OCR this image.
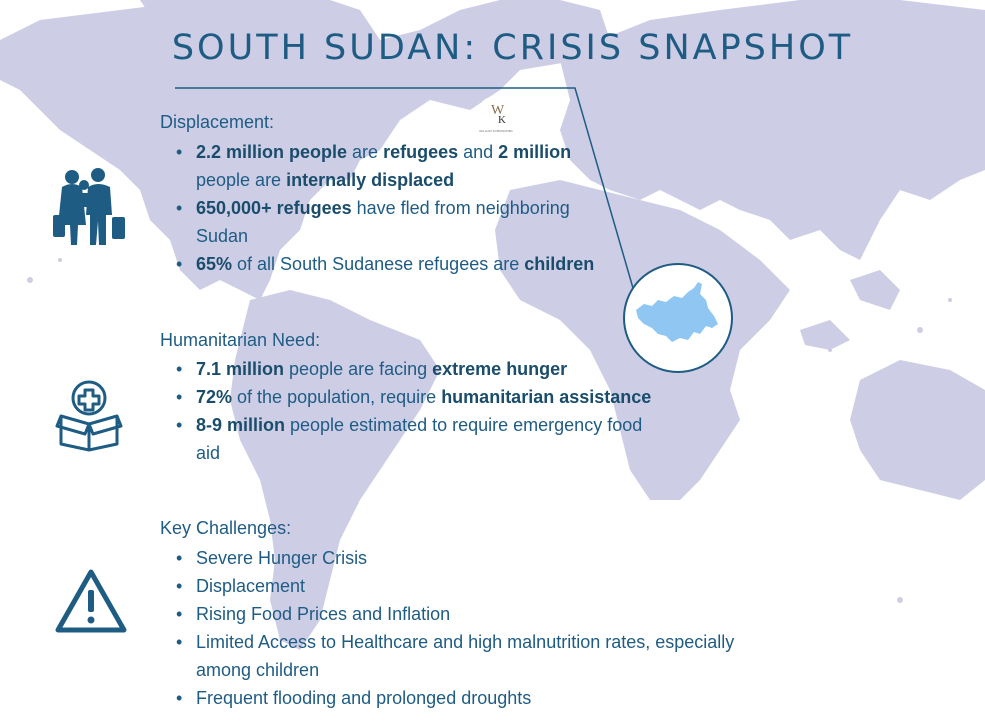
SOUTH SUDAN: CRISIS SNAPSHOT
W
K
WILLIAM KAMKWAMBA
Displacement:
• 2.2 million people are refugees and 2 million people are internally displaced
• 650,000+ refugees have fled from neighboring Sudan
• 65% of all South Sudanese refugees are children
Humanitarian Need:
• 7.1 million people are facing extreme hunger
• 72% of the population, require humanitarian assistance
• 8-9 million people estimated to require emergency food aid
Key Challenges:
• Severe Hunger Crisis
• Displacement
• Rising Food Prices and Inflation
• Limited Access to Healthcare and high malnutrition rates, especially among children
• Frequent flooding and prolonged droughts
